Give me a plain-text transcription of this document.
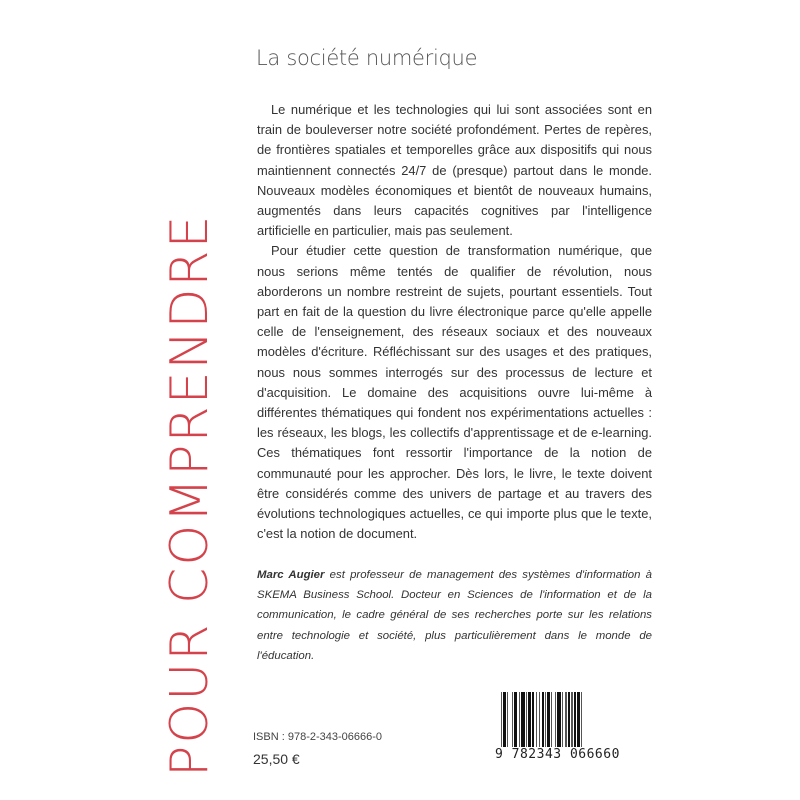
La société numérique
POUR COMPRENDRE

Le numérique et les technologies qui lui sont associées sont en train de bouleverser notre société profondément. Pertes de repères, de frontières spatiales et temporelles grâce aux dispositifs qui nous maintiennent connectés 24/7 de (presque) partout dans le monde. Nouveaux modèles économiques et bientôt de nouveaux humains, augmentés dans leurs capacités cognitives par l'intelligence artificielle en particulier, mais pas seulement.

Pour étudier cette question de transformation numérique, que nous serions même tentés de qualifier de révolution, nous aborderons un nombre restreint de sujets, pourtant essentiels. Tout part en fait de la question du livre électronique parce qu'elle appelle celle de l'enseignement, des réseaux sociaux et des nouveaux modèles d'écriture. Réfléchissant sur des usages et des pratiques, nous nous sommes interrogés sur des processus de lecture et d'acquisition. Le domaine des acquisitions ouvre lui-même à différentes thématiques qui fondent nos expérimentations actuelles : les réseaux, les blogs, les collectifs d'apprentissage et de e-learning. Ces thématiques font ressortir l'importance de la notion de communauté pour les approcher. Dès lors, le livre, le texte doivent être considérés comme des univers de partage et au travers des évolutions technologiques actuelles, ce qui importe plus que le texte, c'est la notion de document.

Marc Augier est professeur de management des systèmes d'information à SKEMA Business School. Docteur en Sciences de l'information et de la communication, le cadre général de ses recherches porte sur les relations entre technologie et société, plus particulièrement dans le monde de l'éducation.
ISBN : 978-2-343-06666-0
25,50 €	9 782343 066660
